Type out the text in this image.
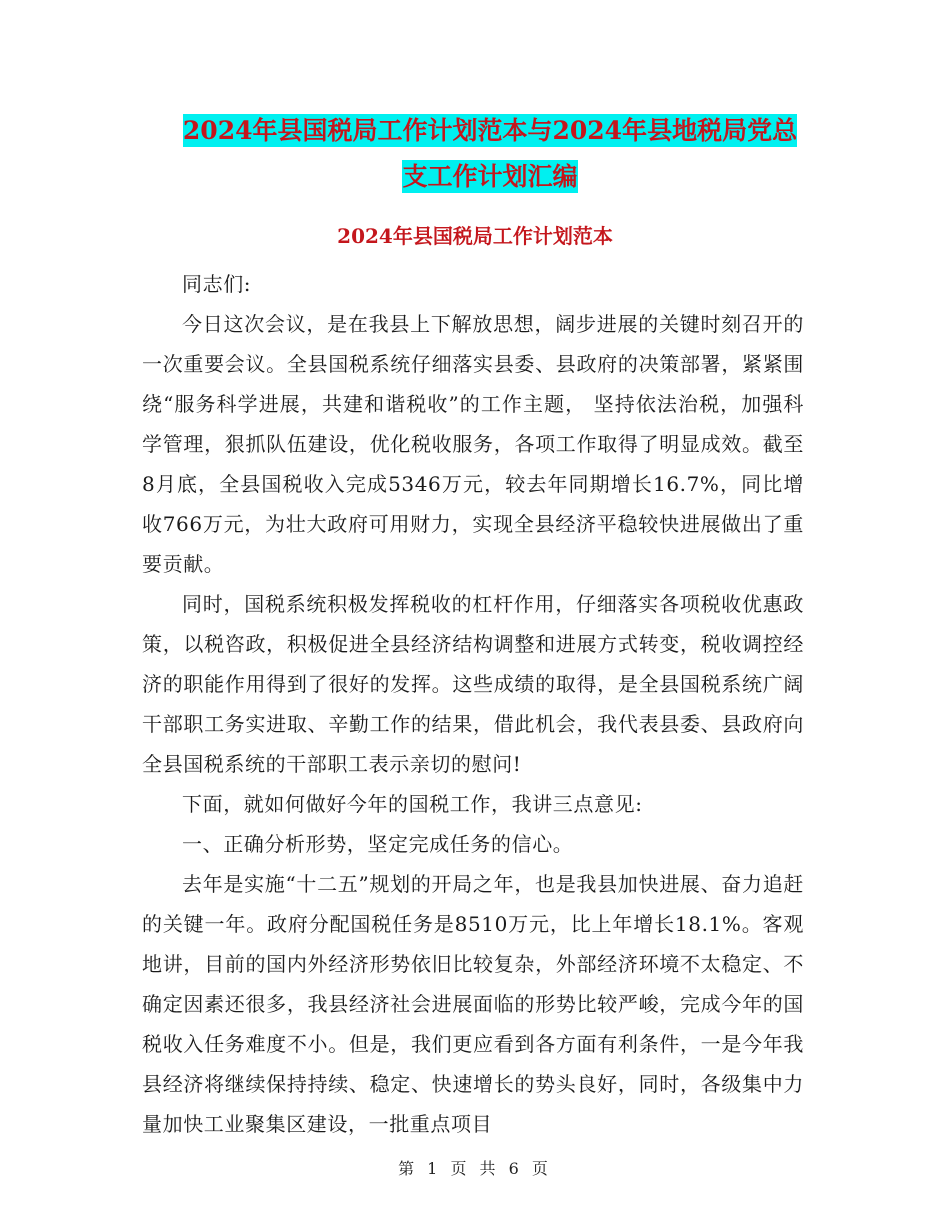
2024年县国税局工作计划范本与2024年县地税局党总
支工作计划汇编
2024年县国税局工作计划范本

同志们:

今日这次会议，是在我县上下解放思想，阔步进展的关键时刻召开的一次重要会议。全县国税系统仔细落实县委、县政府的决策部署，紧紧围绕“服务科学进展，共建和谐税收”的工作主题， 坚持依法治税，加强科学管理，狠抓队伍建设，优化税收服务，各项工作取得了明显成效。截至8月底，全县国税收入完成5346万元，较去年同期增长16.7%，同比增收766万元，为壮大政府可用财力，实现全县经济平稳较快进展做出了重要贡献。

同时，国税系统积极发挥税收的杠杆作用，仔细落实各项税收优惠政策，以税咨政，积极促进全县经济结构调整和进展方式转变，税收调控经济的职能作用得到了很好的发挥。这些成绩的取得，是全县国税系统广阔干部职工务实进取、辛勤工作的结果，借此机会，我代表县委、县政府向全县国税系统的干部职工表示亲切的慰问!

下面，就如何做好今年的国税工作，我讲三点意见:

一、正确分析形势，坚定完成任务的信心。

去年是实施“十二五”规划的开局之年，也是我县加快进展、奋力追赶的关键一年。政府分配国税任务是8510万元，比上年增长18.1%。客观地讲，目前的国内外经济形势依旧比较复杂，外部经济环境不太稳定、不确定因素还很多，我县经济社会进展面临的形势比较严峻，完成今年的国税收入任务难度不小。但是，我们更应看到各方面有利条件，一是今年我县经济将继续保持持续、稳定、快速增长的势头良好，同时，各级集中力量加快工业聚集区建设，一批重点项目

第 1 页 共 6 页
